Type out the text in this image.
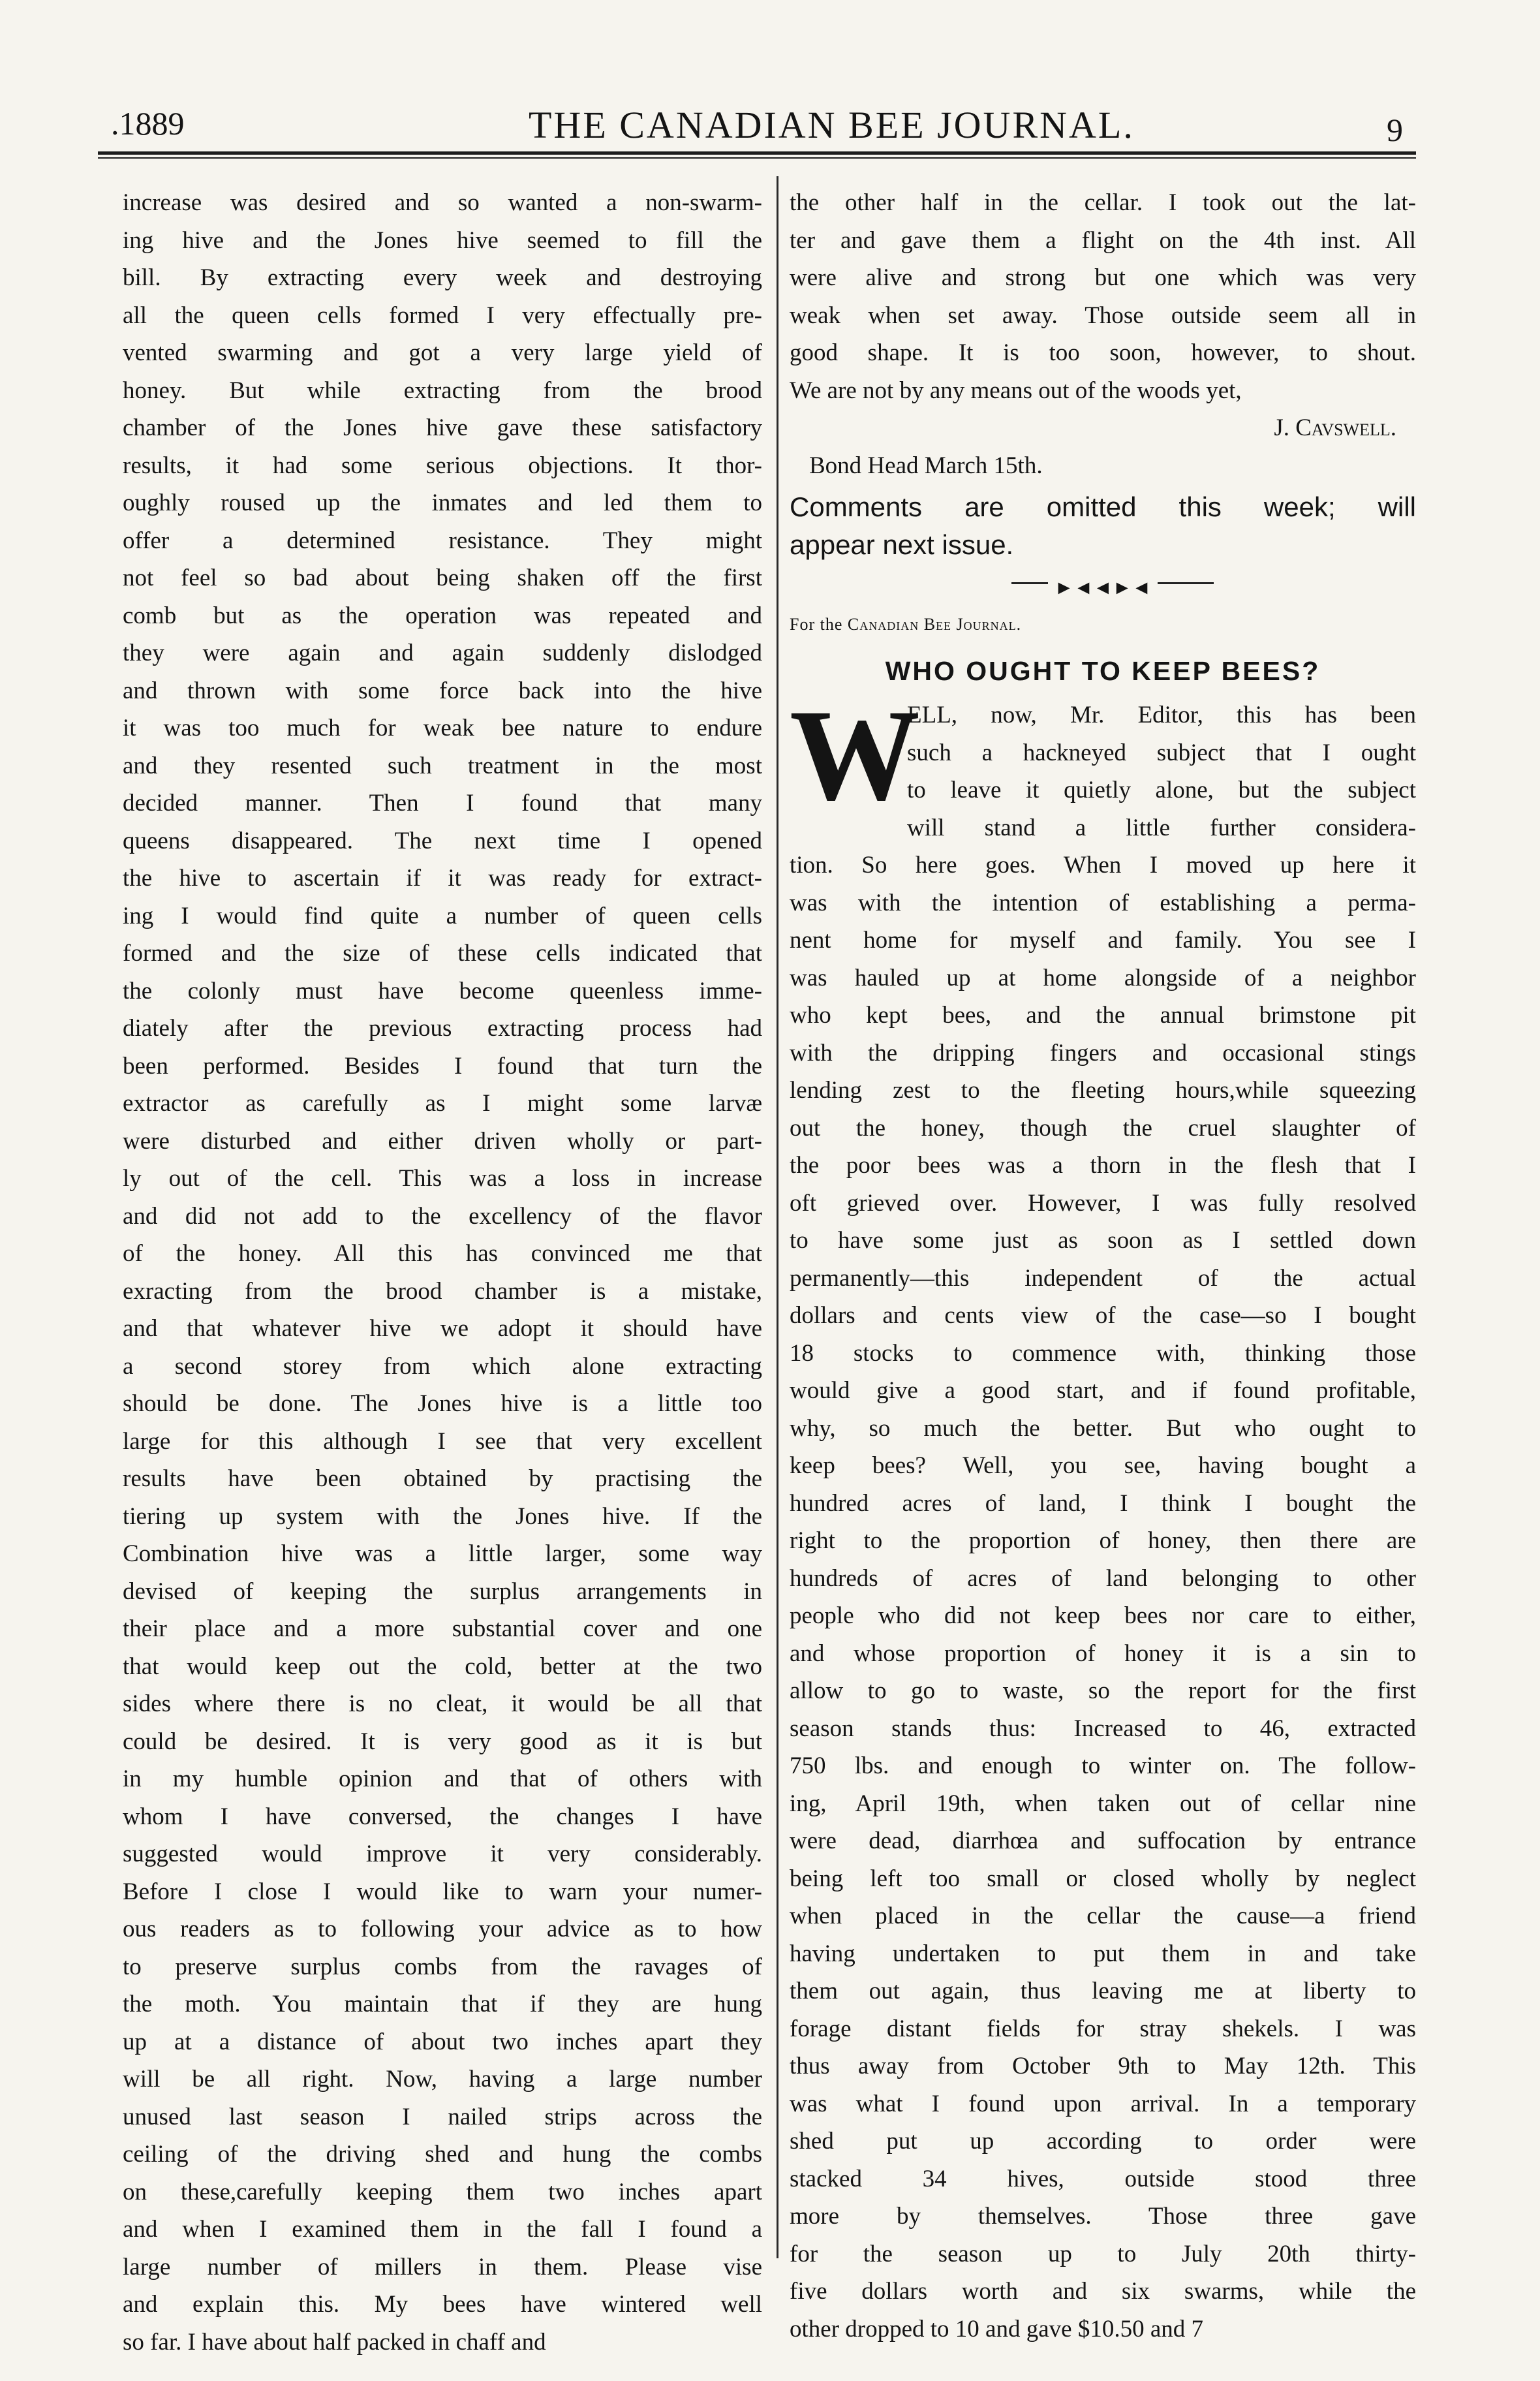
.1889	THE CANADIAN BEE JOURNAL.	9
increase was desired and so wanted a non-swarm-
ing hive and the Jones hive seemed to fill the
bill. By extracting every week and destroying
all the queen cells formed I very effectually pre-
vented swarming and got a very large yield of
honey. But while extracting from the brood
chamber of the Jones hive gave these satisfactory
results, it had some serious objections. It thor-
oughly roused up the inmates and led them to
offer a determined resistance. They might
not feel so bad about being shaken off the first
comb but as the operation was repeated and
they were again and again suddenly dislodged
and thrown with some force back into the hive
it was too much for weak bee nature to endure
and they resented such treatment in the most
decided manner. Then I found that many
queens disappeared. The next time I opened
the hive to ascertain if it was ready for extract-
ing I would find quite a number of queen cells
formed and the size of these cells indicated that
the colonly must have become queenless imme-
diately after the previous extracting process had
been performed. Besides I found that turn the
extractor as carefully as I might some larvæ
were disturbed and either driven wholly or part-
ly out of the cell. This was a loss in increase
and did not add to the excellency of the flavor
of the honey. All this has convinced me that
exracting from the brood chamber is a mistake,
and that whatever hive we adopt it should have
a second storey from which alone extracting
should be done. The Jones hive is a little too
large for this although I see that very excellent
results have been obtained by practising the
tiering up system with the Jones hive. If the
Combination hive was a little larger, some way
devised of keeping the surplus arrangements in
their place and a more substantial cover and one
that would keep out the cold, better at the two
sides where there is no cleat, it would be all that
could be desired. It is very good as it is but
in my humble opinion and that of others with
whom I have conversed, the changes I have
suggested would improve it very considerably.
Before I close I would like to warn your numer-
ous readers as to following your advice as to how
to preserve surplus combs from the ravages of
the moth. You maintain that if they are hung
up at a distance of about two inches apart they
will be all right. Now, having a large number
unused last season I nailed strips across the
ceiling of the driving shed and hung the combs
on these,carefully keeping them two inches apart
and when I examined them in the fall I found a
large number of millers in them. Please vise
and explain this. My bees have wintered well
so far. I have about half packed in chaff and
the other half in the cellar. I took out the lat-
ter and gave them a flight on the 4th inst. All
were alive and strong but one which was very
weak when set away. Those outside seem all in
good shape. It is too soon, however, to shout.
We are not by any means out of the woods yet,
J. Cavswell.
Bond Head March 15th.
Comments are omitted this week; will
appear next issue.
►◄◄►◄
For the Canadian Bee Journal.
WHO OUGHT TO KEEP BEES?
W
ELL, now, Mr. Editor, this has been
such a hackneyed subject that I ought
to leave it quietly alone, but the subject
will stand a little further considera-
tion. So here goes. When I moved up here it
was with the intention of establishing a perma-
nent home for myself and family. You see I
was hauled up at home alongside of a neighbor
who kept bees, and the annual brimstone pit
with the dripping fingers and occasional stings
lending zest to the fleeting hours,while squeezing
out the honey, though the cruel slaughter of
the poor bees was a thorn in the flesh that I
oft grieved over. However, I was fully resolved
to have some just as soon as I settled down
permanently—this independent of the actual
dollars and cents view of the case—so I bought
18 stocks to commence with, thinking those
would give a good start, and if found profitable,
why, so much the better. But who ought to
keep bees? Well, you see, having bought a
hundred acres of land, I think I bought the
right to the proportion of honey, then there are
hundreds of acres of land belonging to other
people who did not keep bees nor care to either,
and whose proportion of honey it is a sin to
allow to go to waste, so the report for the first
season stands thus: Increased to 46, extracted
750 lbs. and enough to winter on. The follow-
ing, April 19th, when taken out of cellar nine
were dead, diarrhœa and suffocation by entrance
being left too small or closed wholly by neglect
when placed in the cellar the cause—a friend
having undertaken to put them in and take
them out again, thus leaving me at liberty to
forage distant fields for stray shekels. I was
thus away from October 9th to May 12th. This
was what I found upon arrival. In a temporary
shed put up according to order were
stacked 34 hives, outside stood three
more by themselves. Those three gave
for the season up to July 20th thirty-
five dollars worth and six swarms, while the
other dropped to 10 and gave $10.50 and 7
